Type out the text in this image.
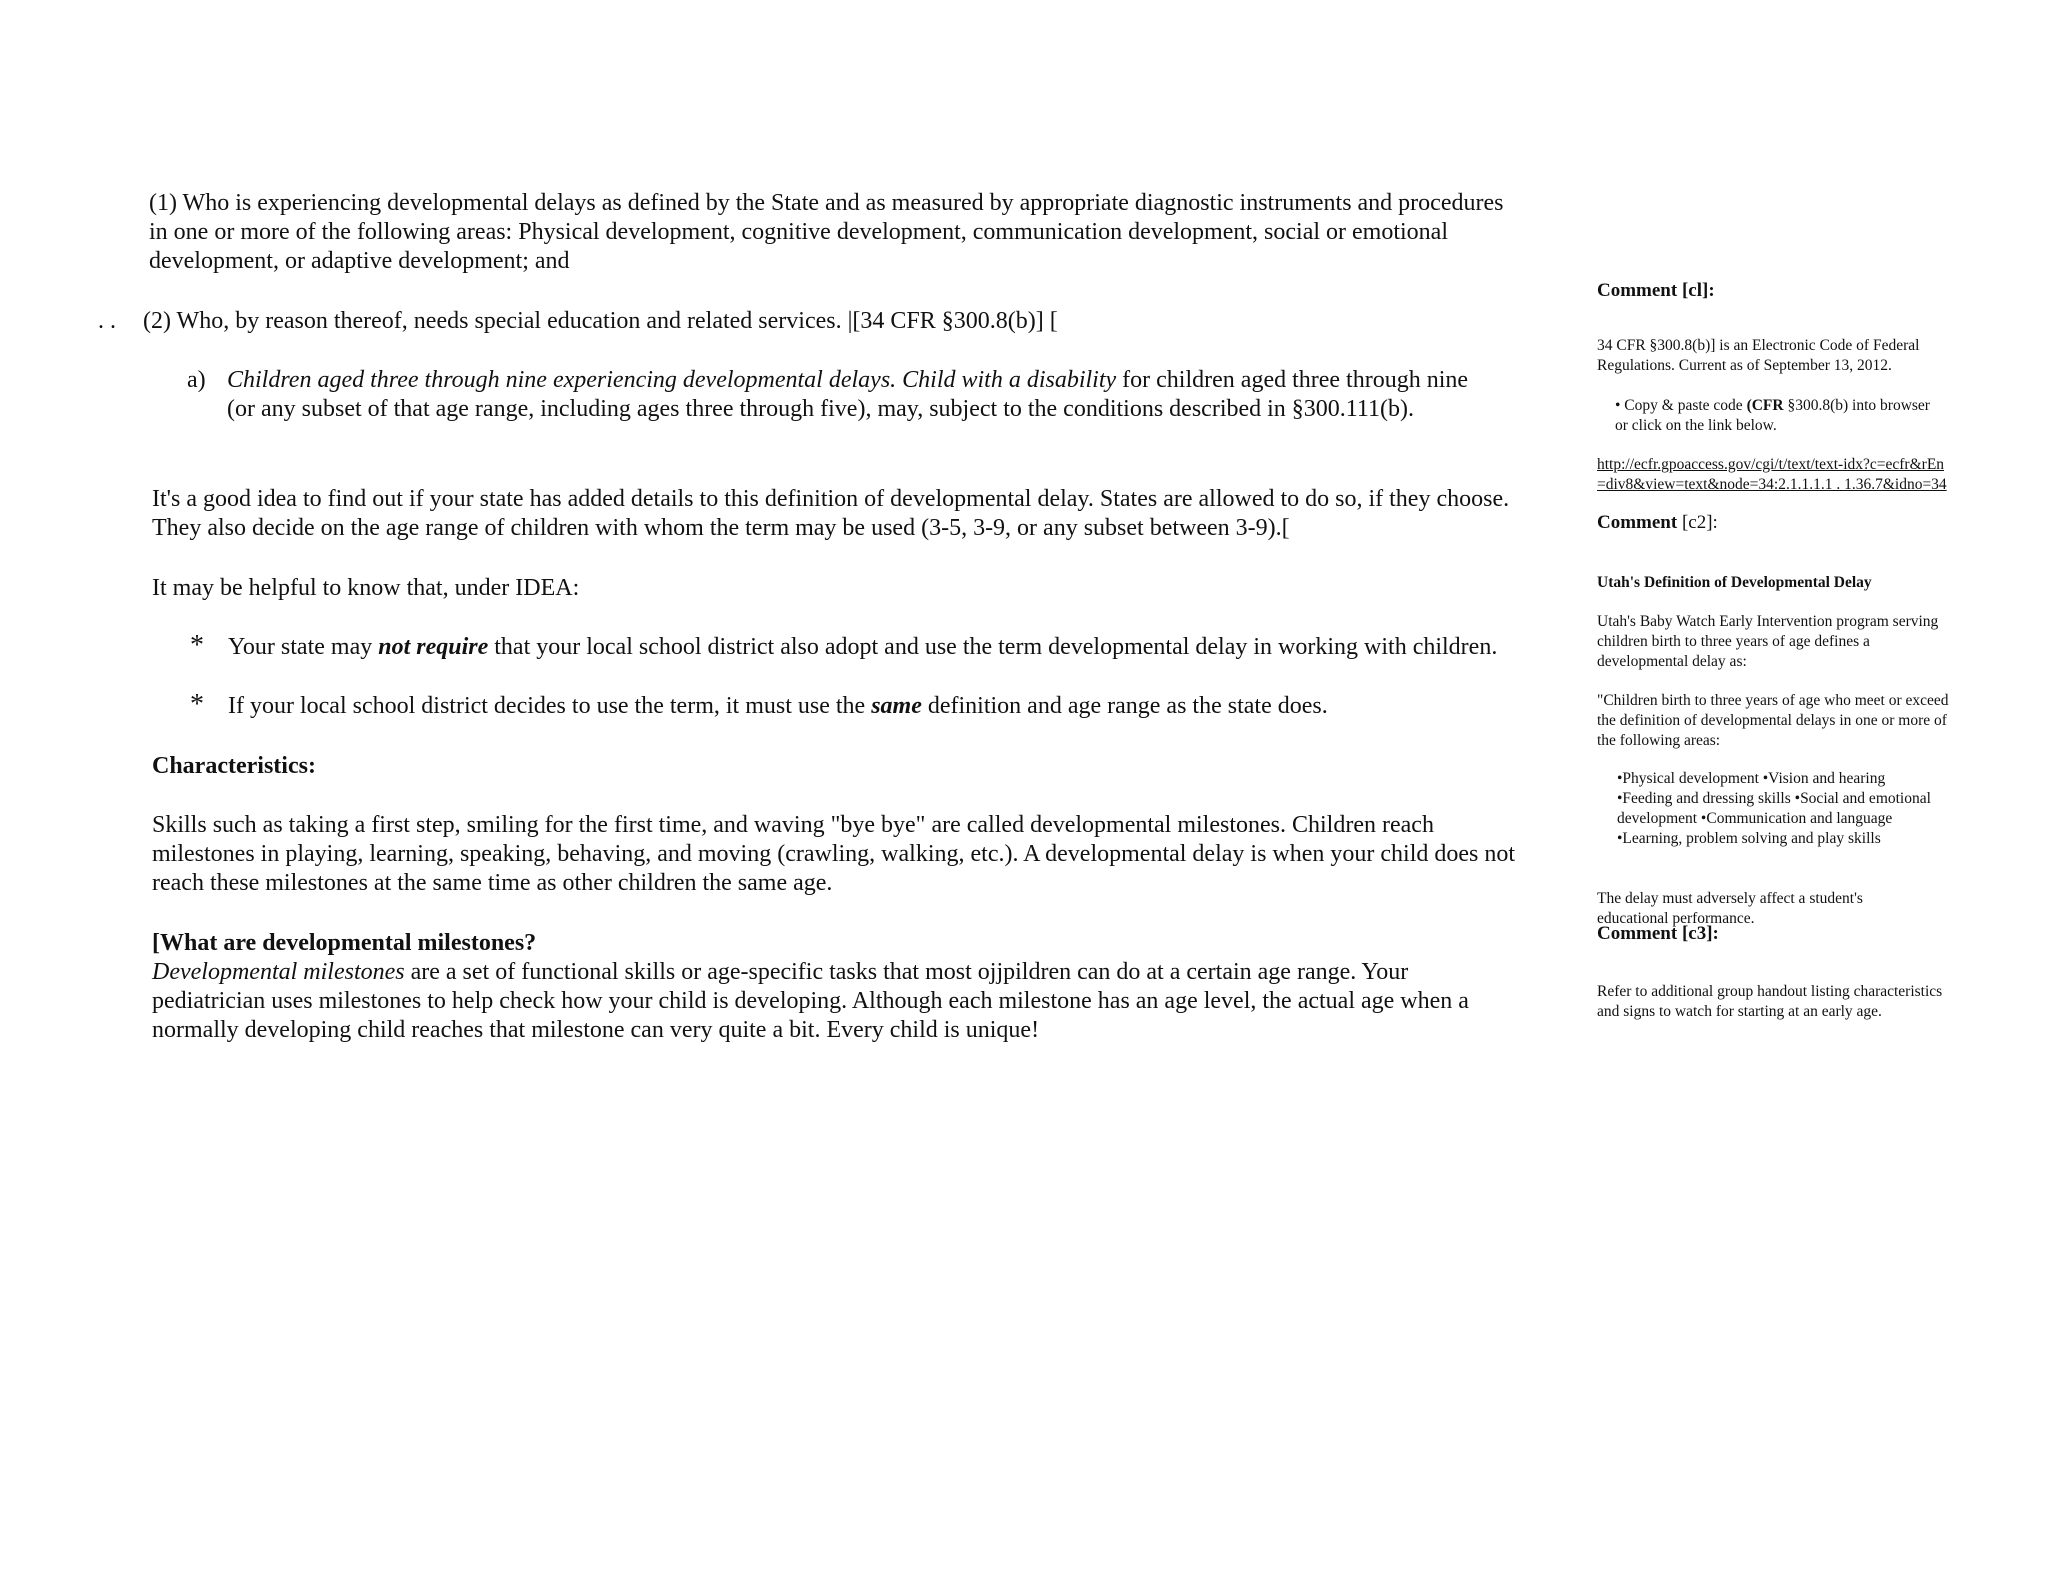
(1) Who is experiencing developmental delays as defined by the State and as measured by appropriate diagnostic instruments and procedures in one or more of the following areas: Physical development, cognitive development, communication development, social or emotional development, or adaptive development; and

. . (2) Who, by reason thereof, needs special education and related services. |[34 CFR §300.8(b)] [

a) Children aged three through nine experiencing developmental delays. Child with a disability for children aged three through nine (or any subset of that age range, including ages three through five), may, subject to the conditions described in §300.111(b).

It's a good idea to find out if your state has added details to this definition of developmental delay. States are allowed to do so, if they choose. They also decide on the age range of children with whom the term may be used (3-5, 3-9, or any subset between 3-9).[

It may be helpful to know that, under IDEA:

* Your state may not require that your local school district also adopt and use the term developmental delay in working with children.

* If your local school district decides to use the term, it must use the same definition and age range as the state does.

Characteristics:

Skills such as taking a first step, smiling for the first time, and waving "bye bye" are called developmental milestones. Children reach milestones in playing, learning, speaking, behaving, and moving (crawling, walking, etc.). A developmental delay is when your child does not reach these milestones at the same time as other children the same age.

[What are developmental milestones?

Developmental milestones are a set of functional skills or age-specific tasks that most ojjpildren can do at a certain age range. Your pediatrician uses milestones to help check how your child is developing. Although each milestone has an age level, the actual age when a normally developing child reaches that milestone can very quite a bit. Every child is unique!

Comment [cl]:

34 CFR §300.8(b)] is an Electronic Code of Federal Regulations. Current as of September 13, 2012.

• Copy & paste code (CFR §300.8(b) into browser or click on the link below.

http://ecfr.gpoaccess.gov/cgi/t/text/text-idx?c=ecfr&rEn=div8&view=text&node=34:2.1.1.1.1 . 1.36.7&idno=34

Comment [c2]:

Utah's Definition of Developmental Delay

Utah's Baby Watch Early Intervention program serving children birth to three years of age defines a developmental delay as:

"Children birth to three years of age who meet or exceed the definition of developmental delays in one or more of the following areas:

•Physical development •Vision and hearing •Feeding and dressing skills •Social and emotional development •Communication and language •Learning, problem solving and play skills

The delay must adversely affect a student's educational performance.

Comment [c3]:

Refer to additional group handout listing characteristics and signs to watch for starting at an early age.
